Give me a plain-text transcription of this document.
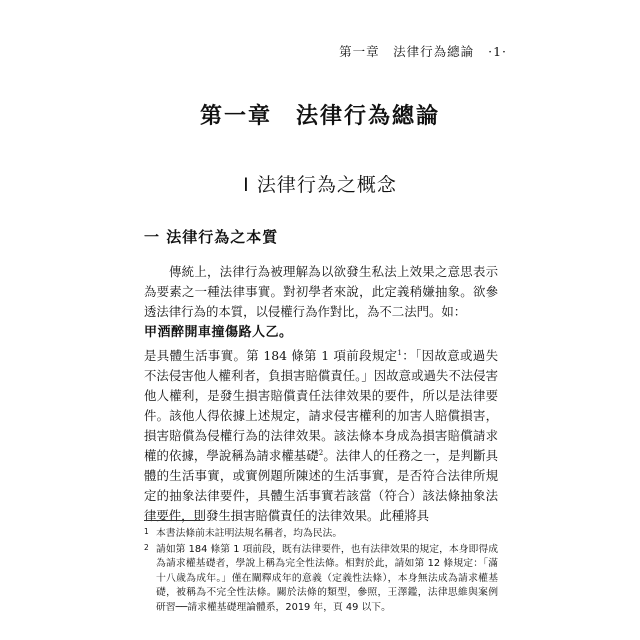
第一章　法律行為總論 ·1·
第一章　法律行為總論
I 法律行為之概念
一 法律行為之本質

傳統上，法律行為被理解為以欲發生私法上效果之意思表示為要素之一種法律事實。對初學者來說，此定義稍嫌抽象。欲參透法律行為的本質，以侵權行為作對比，為不二法門。如：

甲酒醉開車撞傷路人乙。

是具體生活事實。第 184 條第 1 項前段規定$^1$：「因故意或過失不法侵害他人權利者，負損害賠償責任。」因故意或過失不法侵害他人權利，是發生損害賠償責任法律效果的要件，所以是法律要件。該他人得依據上述規定，請求侵害權利的加害人賠償損害，損害賠償為侵權行為的法律效果。該法條本身成為損害賠償請求權的依據，學說稱為請求權基礎$^2$。法律人的任務之一，是判斷具體的生活事實，或實例題所陳述的生活事實，是否符合法律所規定的抽象法律要件，具體生活事實若該當（符合）該法條抽象法律要件，則發生損害賠償責任的法律效果。此種將具

1 本書法條前未註明法規名稱者，均為民法。

2 請如第 184 條第 1 項前段，既有法律要件，也有法律效果的規定，本身即得成為請求權基礎者，學說上稱為完全性法條。相對於此，請如第 12 條規定：「滿十八歲為成年。」僅在闡釋成年的意義（定義性法條），本身無法成為請求權基礎，被稱為不完全性法條。關於法條的類型，參照，王澤鑑，法律思維與案例研習──請求權基礎理論體系，2019 年，頁 49 以下。
